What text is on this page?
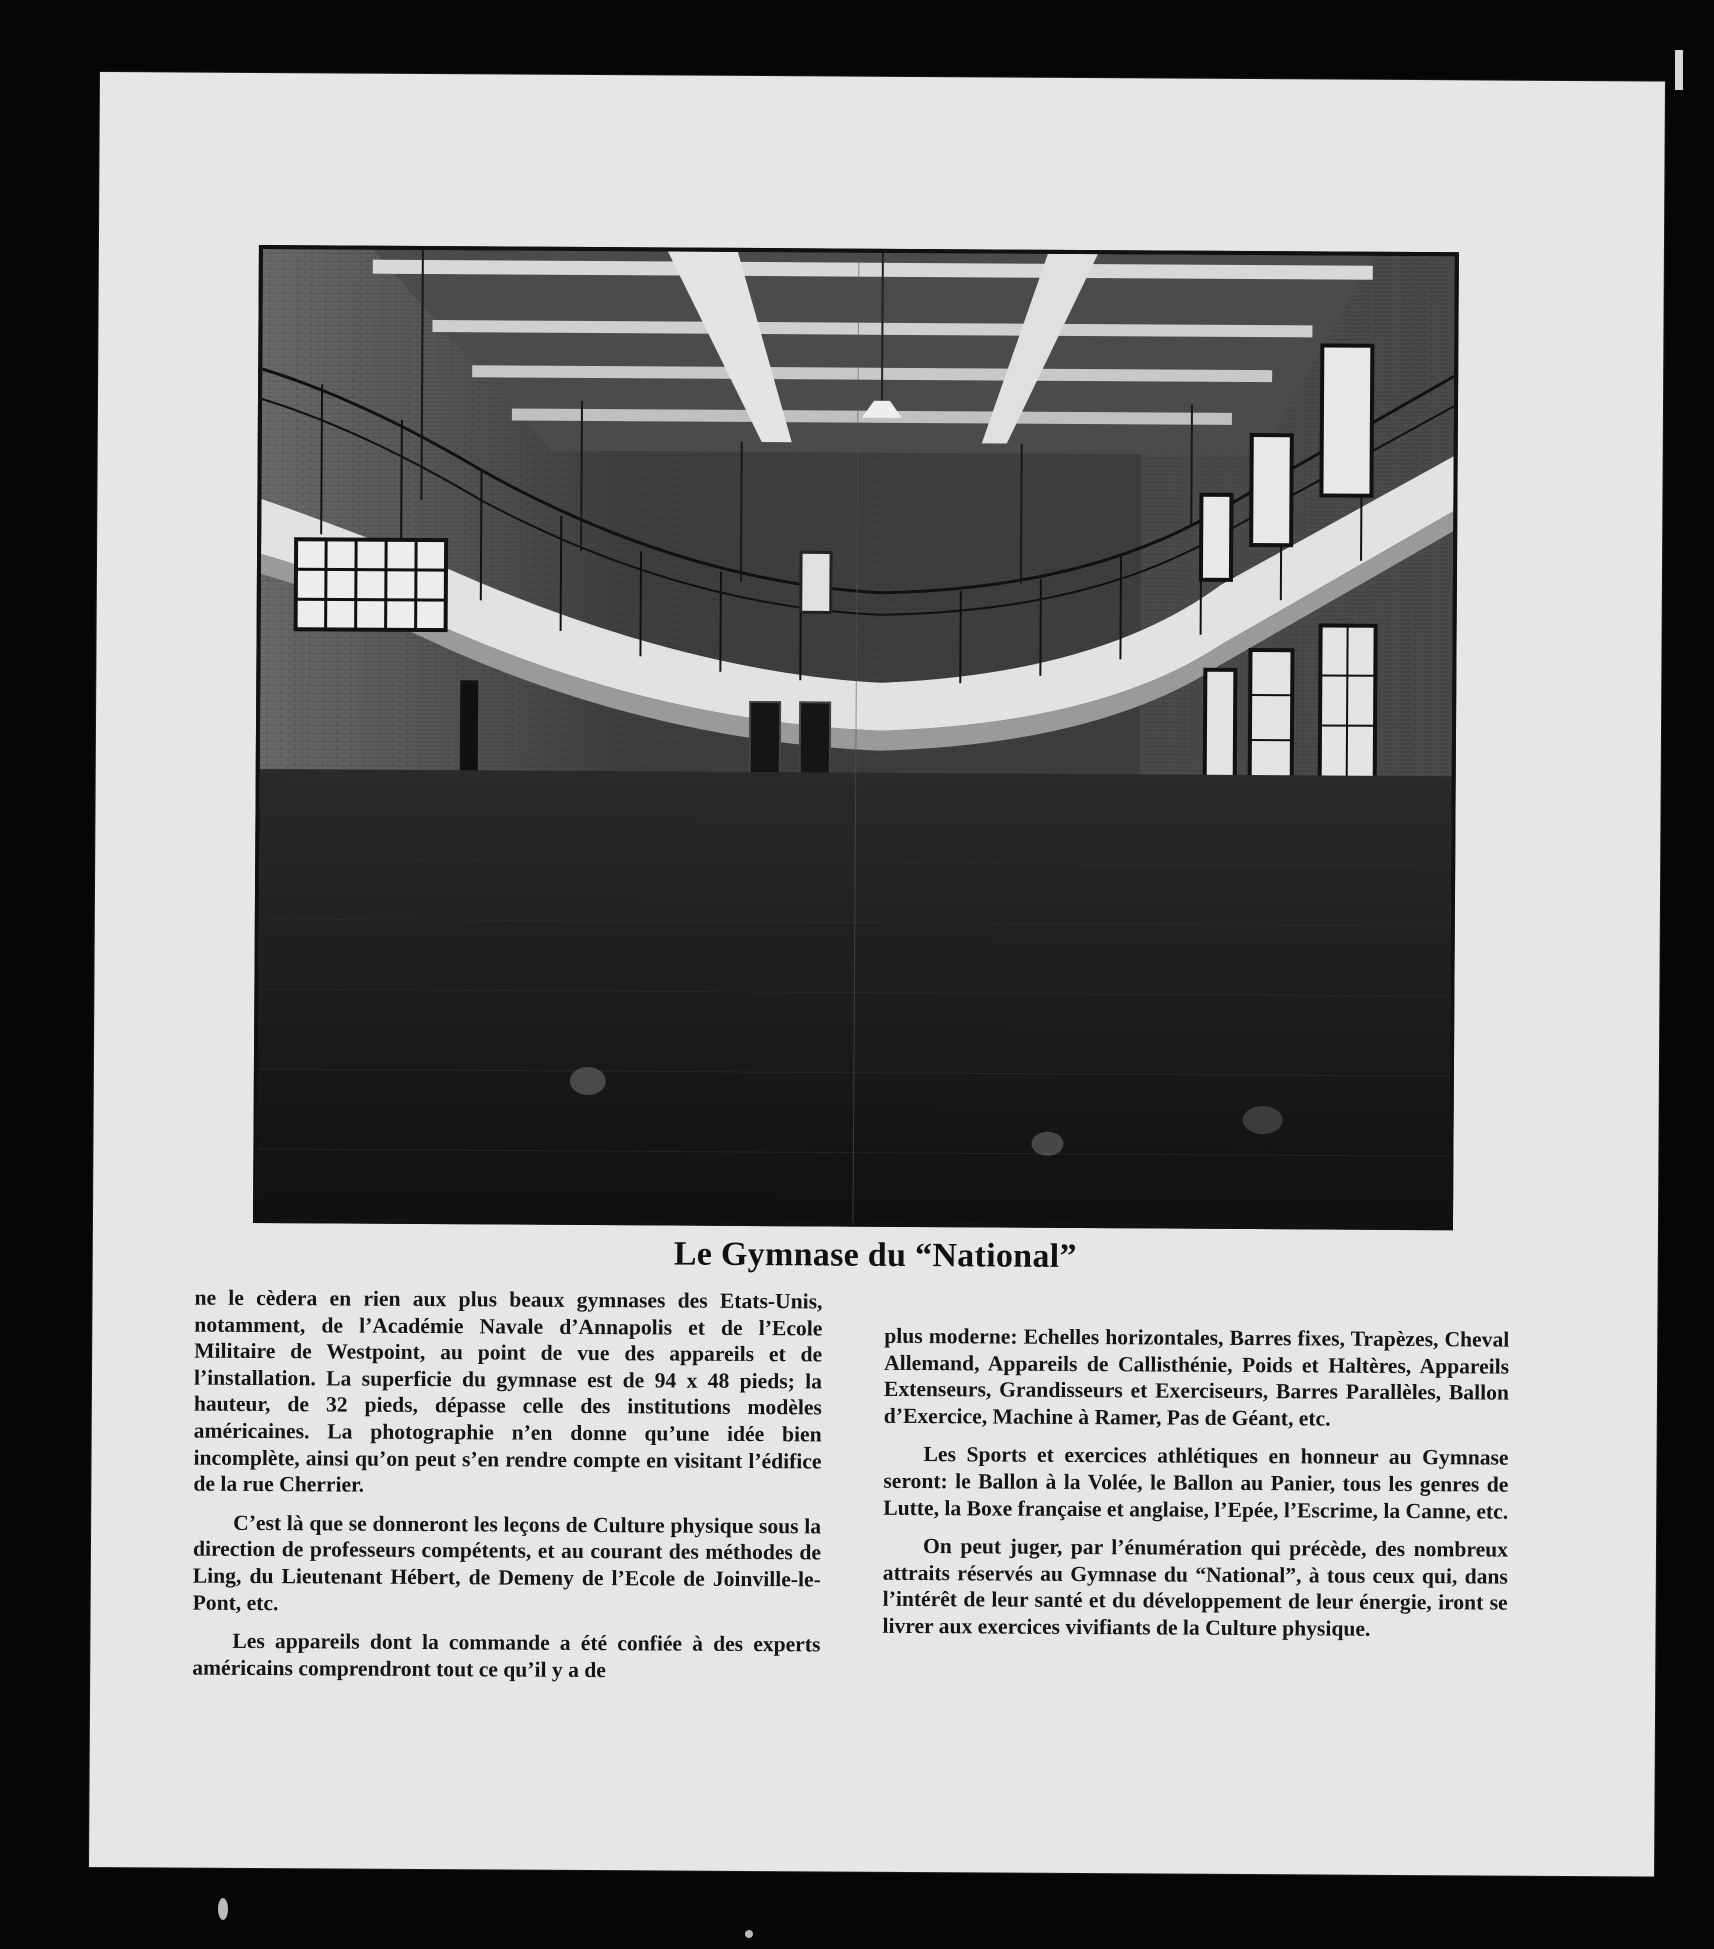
Le Gymnase du “National”

ne le cèdera en rien aux plus beaux gymnases des Etats-Unis, notamment, de l’Académie Navale d’Annapolis et de l’Ecole Militaire de Westpoint, au point de vue des appareils et de l’installation. La superficie du gymnase est de 94 x 48 pieds; la hauteur, de 32 pieds, dépasse celle des institutions modèles américaines. La photographie n’en donne qu’une idée bien incomplète, ainsi qu’on peut s’en rendre compte en visitant l’édifice de la rue Cherrier.

C’est là que se donneront les leçons de Culture physique sous la direction de professeurs compétents, et au courant des méthodes de Ling, du Lieutenant Hébert, de Demeny de l’Ecole de Joinville-le-Pont, etc.

Les appareils dont la commande a été confiée à des experts américains comprendront tout ce qu’il y a de

plus moderne: Echelles horizontales, Barres fixes, Trapèzes, Cheval Allemand, Appareils de Callisthénie, Poids et Haltères, Appareils Extenseurs, Grandisseurs et Exerciseurs, Barres Parallèles, Ballon d’Exercice, Machine à Ramer, Pas de Géant, etc.

Les Sports et exercices athlétiques en honneur au Gymnase seront: le Ballon à la Volée, le Ballon au Panier, tous les genres de Lutte, la Boxe française et anglaise, l’Epée, l’Escrime, la Canne, etc.

On peut juger, par l’énumération qui précède, des nombreux attraits réservés au Gymnase du “National”, à tous ceux qui, dans l’intérêt de leur santé et du développement de leur énergie, iront se livrer aux exercices vivifiants de la Culture physique.
